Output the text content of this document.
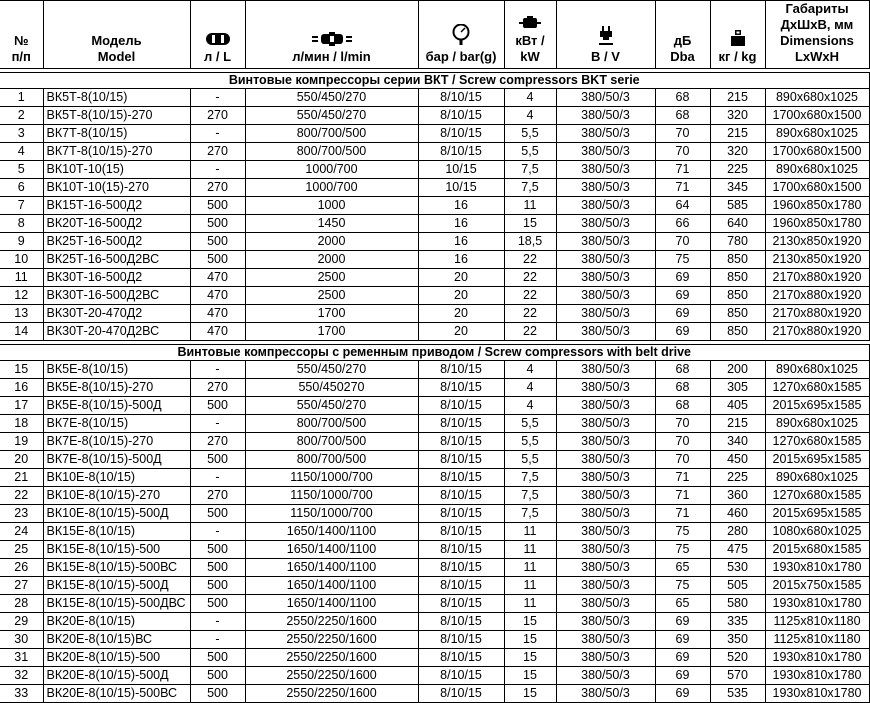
№ п/п	Модель Model	л / L	л/мин / l/min	бар / bar(g)	кВт / kW	В / V	дБ Dba	кг / kg	Габариты ДхШхВ, мм Dimensions LxWxH

Винтовые компрессоры серии ВКТ / Screw compressors BKT serie									
1	ВК5Т-8(10/15)	-	550/450/270	8/10/15	4	380/50/3	68	215	890x680x1025
2	ВК5Т-8(10/15)-270	270	550/450/270	8/10/15	4	380/50/3	68	320	1700x680x1500
3	ВК7Т-8(10/15)	-	800/700/500	8/10/15	5,5	380/50/3	70	215	890x680x1025
4	ВК7Т-8(10/15)-270	270	800/700/500	8/10/15	5,5	380/50/3	70	320	1700x680x1500
5	ВК10Т-10(15)	-	1000/700	10/15	7,5	380/50/3	71	225	890x680x1025
6	ВК10Т-10(15)-270	270	1000/700	10/15	7,5	380/50/3	71	345	1700x680x1500
7	ВК15Т-16-500Д2	500	1000	16	11	380/50/3	64	585	1960x850x1780
8	ВК20Т-16-500Д2	500	1450	16	15	380/50/3	66	640	1960x850x1780
9	ВК25Т-16-500Д2	500	2000	16	18,5	380/50/3	70	780	2130x850x1920
10	ВК25Т-16-500Д2ВС	500	2000	16	22	380/50/3	75	850	2130x850x1920
11	ВК30Т-16-500Д2	470	2500	20	22	380/50/3	69	850	2170x880x1920
12	ВК30Т-16-500Д2ВС	470	2500	20	22	380/50/3	69	850	2170x880x1920
13	ВК30Т-20-470Д2	470	1700	20	22	380/50/3	69	850	2170x880x1920
14	ВК30Т-20-470Д2ВС	470	1700	20	22	380/50/3	69	850	2170x880x1920

Винтовые компрессоры с ременным приводом / Screw compressors with belt drive									
15	ВК5Е-8(10/15)	-	550/450/270	8/10/15	4	380/50/3	68	200	890x680x1025
16	ВК5Е-8(10/15)-270	270	550/450270	8/10/15	4	380/50/3	68	305	1270x680x1585
17	ВК5Е-8(10/15)-500Д	500	550/450/270	8/10/15	4	380/50/3	68	405	2015x695x1585
18	ВК7Е-8(10/15)	-	800/700/500	8/10/15	5,5	380/50/3	70	215	890x680x1025
19	ВК7Е-8(10/15)-270	270	800/700/500	8/10/15	5,5	380/50/3	70	340	1270x680x1585
20	ВК7Е-8(10/15)-500Д	500	800/700/500	8/10/15	5,5	380/50/3	70	450	2015x695x1585
21	ВК10Е-8(10/15)	-	1150/1000/700	8/10/15	7,5	380/50/3	71	225	890x680x1025
22	ВК10Е-8(10/15)-270	270	1150/1000/700	8/10/15	7,5	380/50/3	71	360	1270x680x1585
23	ВК10Е-8(10/15)-500Д	500	1150/1000/700	8/10/15	7,5	380/50/3	71	460	2015x695x1585
24	ВК15Е-8(10/15)	-	1650/1400/1100	8/10/15	11	380/50/3	75	280	1080x680x1025
25	ВК15Е-8(10/15)-500	500	1650/1400/1100	8/10/15	11	380/50/3	75	475	2015x680x1585
26	ВК15Е-8(10/15)-500ВС	500	1650/1400/1100	8/10/15	11	380/50/3	65	530	1930x810x1780
27	ВК15Е-8(10/15)-500Д	500	1650/1400/1100	8/10/15	11	380/50/3	75	505	2015x750x1585
28	ВК15Е-8(10/15)-500ДВС	500	1650/1400/1100	8/10/15	11	380/50/3	65	580	1930x810x1780
29	ВК20Е-8(10/15)	-	2550/2250/1600	8/10/15	15	380/50/3	69	335	1125x810x1180
30	ВК20Е-8(10/15)ВС	-	2550/2250/1600	8/10/15	15	380/50/3	69	350	1125x810x1180
31	ВК20Е-8(10/15)-500	500	2550/2250/1600	8/10/15	15	380/50/3	69	520	1930x810x1780
32	ВК20Е-8(10/15)-500Д	500	2550/2250/1600	8/10/15	15	380/50/3	69	570	1930x810x1780
33	ВК20Е-8(10/15)-500ВС	500	2550/2250/1600	8/10/15	15	380/50/3	69	535	1930x810x1780
